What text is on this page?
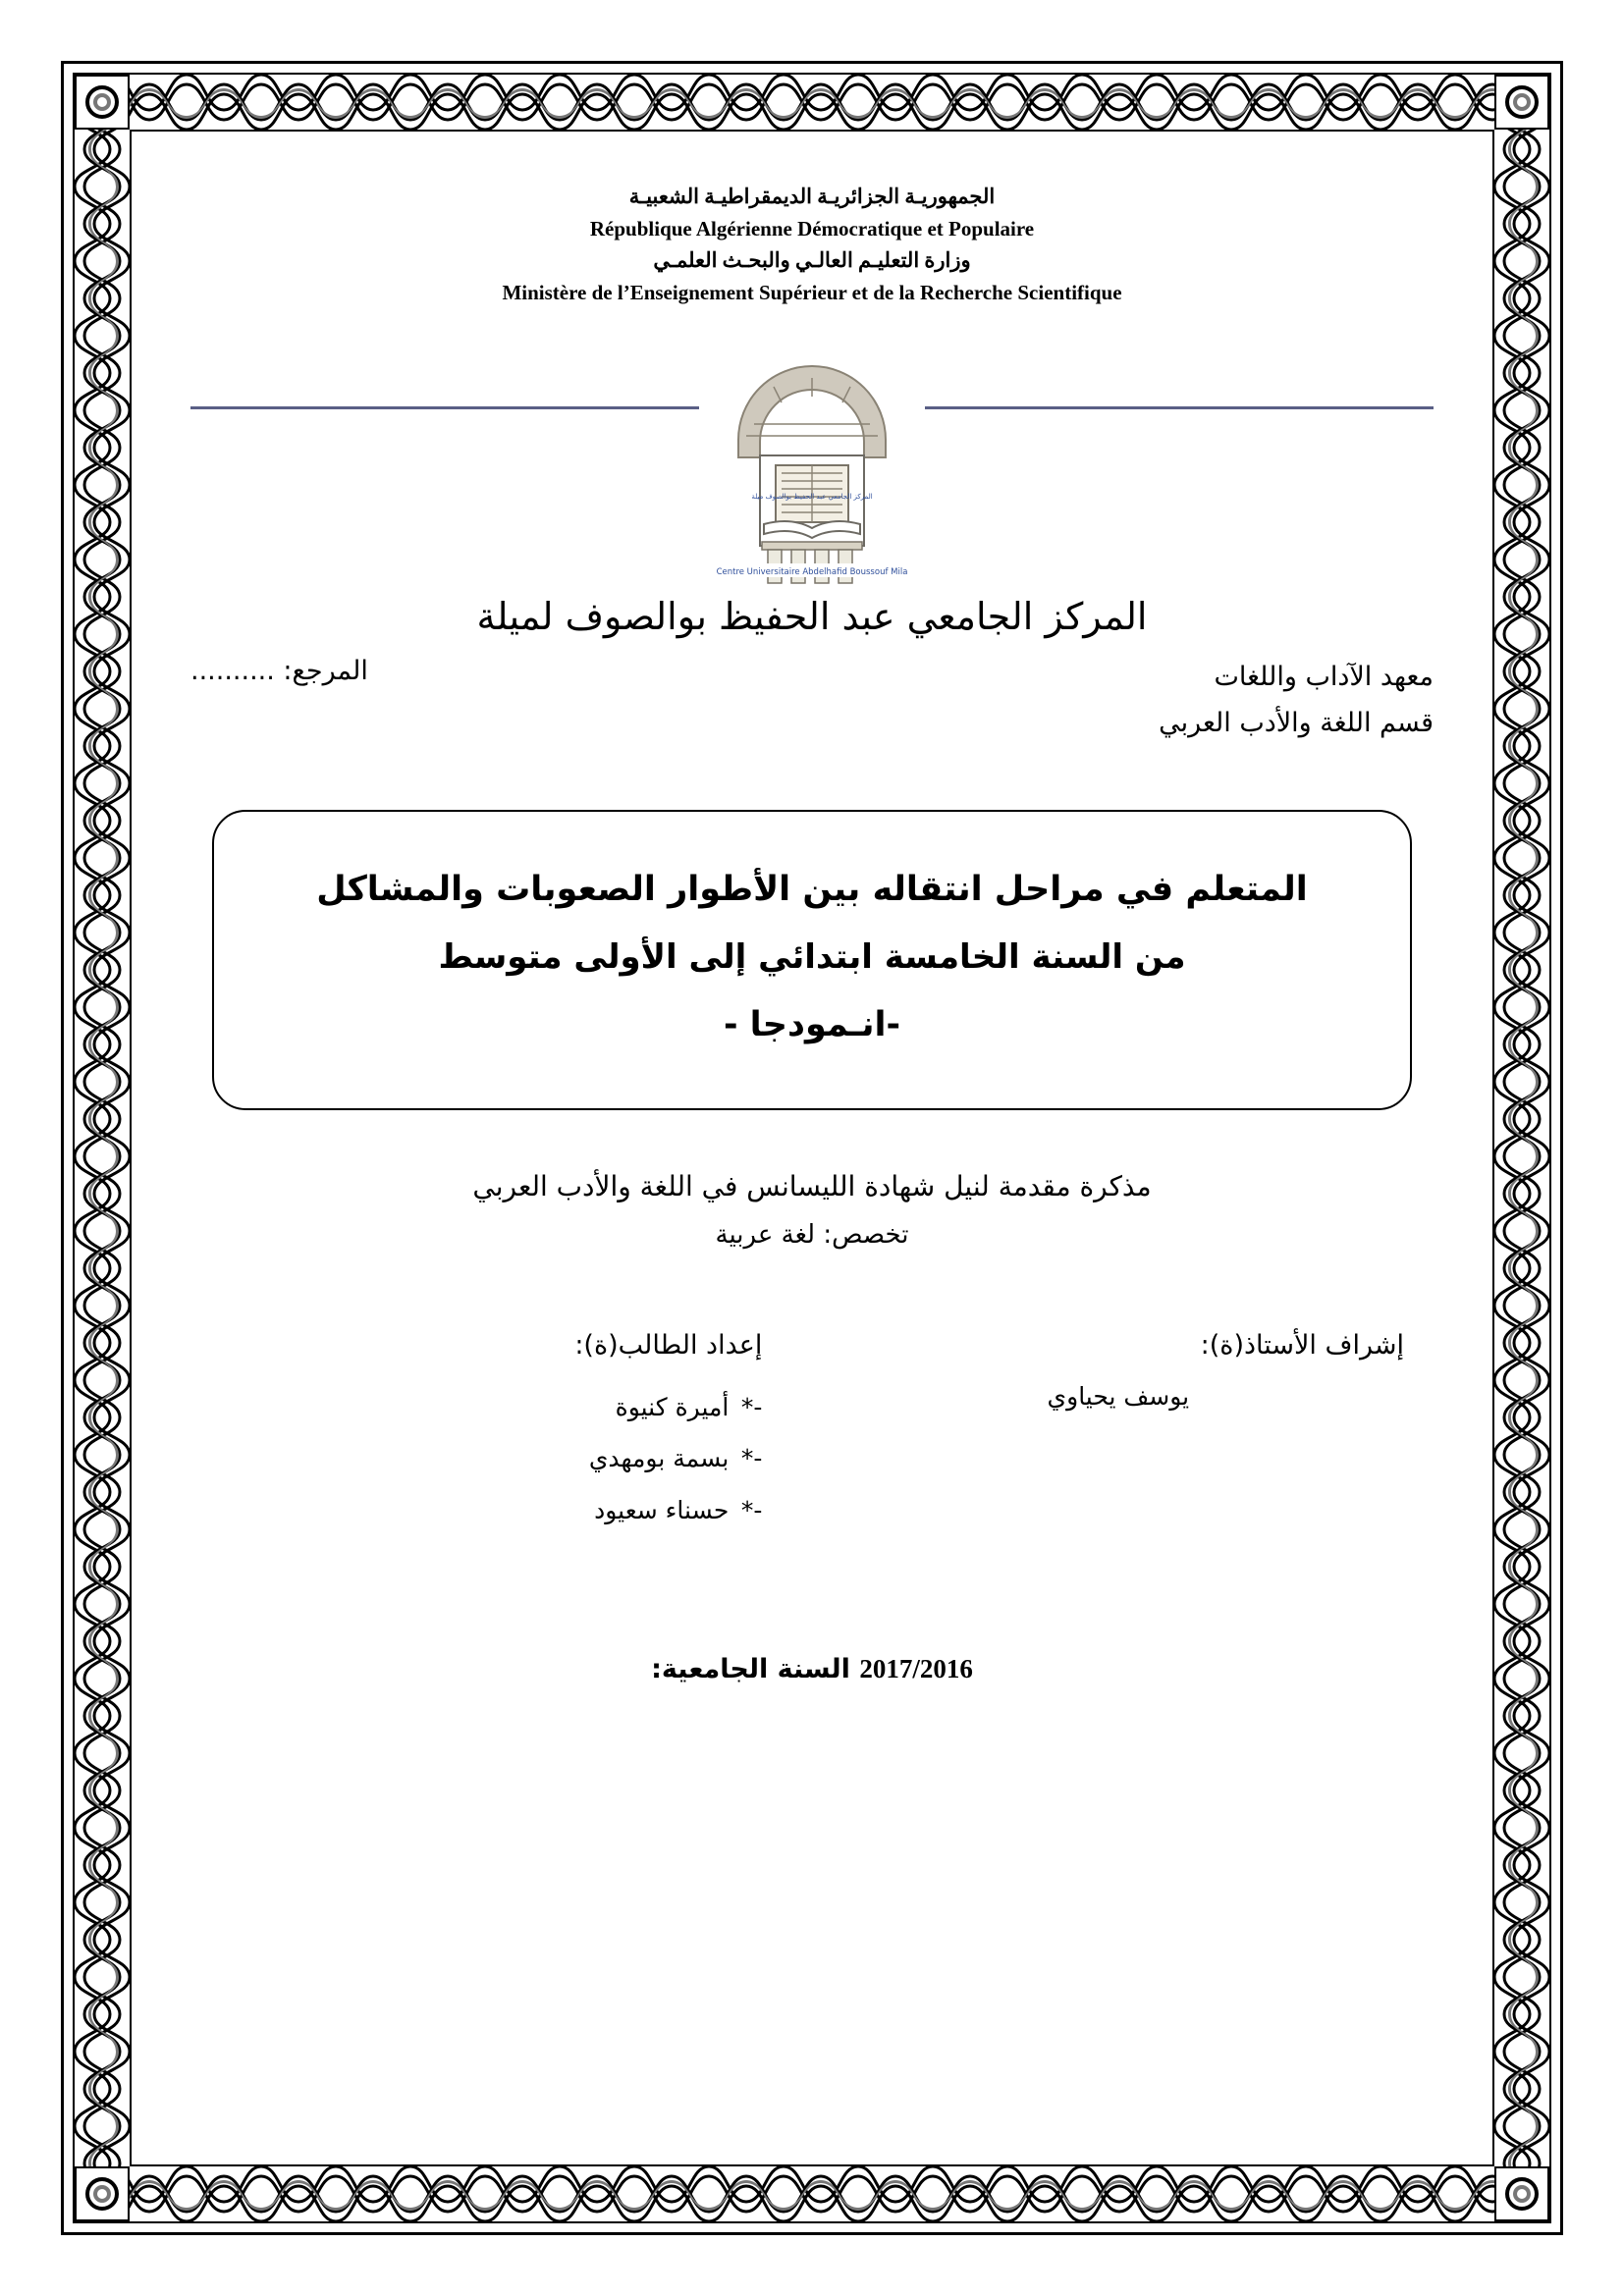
الجمهوريـة الجزائريـة الديمقراطيـة الشعبيـة
République Algérienne Démocratique et Populaire
وزارة التعليـم العالـي والبحـث العلمـي
Ministère de l’Enseignement Supérieur et de la Recherche Scientifique
المركز الجامعي عبد الحفيظ بوالصوف ميلة
Centre Universitaire Abdelhafid Boussouf Mila
المركز الجامعي عبد الحفيظ بوالصوف لميلة
معهد الآداب واللغات
قسم اللغة والأدب العربي
المرجع: ..........
المتعلم في مراحل انتقاله بين الأطوار الصعوبات والمشاكل
من السنة الخامسة ابتدائي إلى الأولى متوسط
-انـمودجا -
مذكرة مقدمة لنيل شهادة الليسانس في اللغة والأدب العربي
تخصص: لغة عربية
إشراف الأستاذ(ة):
يوسف يحياوي
إعداد الطالب(ة):
-* أميرة كنيوة
-* بسمة بومهدي
-* حسناء سعيود
2017/2016 السنة الجامعية:
